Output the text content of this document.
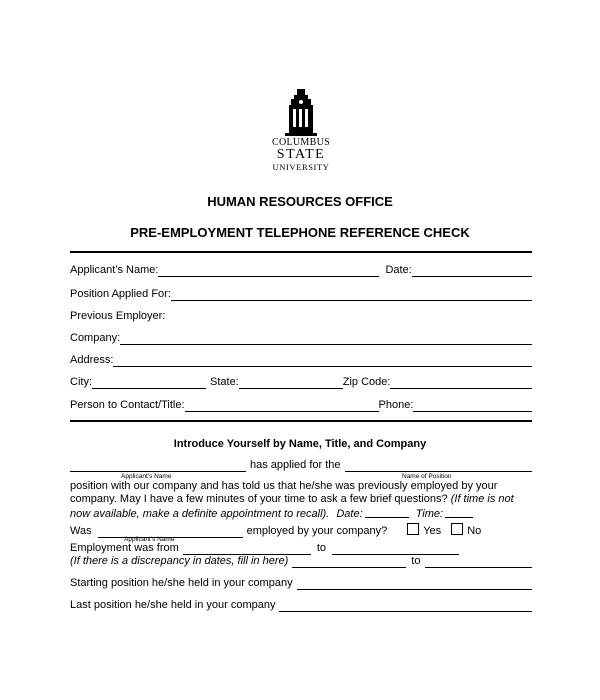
COLUMBUS
STATE
UNIVERSITY
HUMAN RESOURCES OFFICE
PRE-EMPLOYMENT TELEPHONE REFERENCE CHECK
Applicant’s Name:	Date:
Position Applied For:
Previous Employer:
Company:
Address:
City:	State:	Zip Code:
Person to Contact/Title:	Phone:
Introduce Yourself by Name, Title, and Company
has applied for the
Applicant’s Name	Name of Position
position with our company and has told us that he/she was previously employed by your company. May I have a few minutes of your time to ask a few brief questions? (If time is not now available, make a definite appointment to recall). Date:	Time:
Was	employed by your company?	Yes	No
Applicant’s Name
Employment was from	to
(If there is a discrepancy in dates, fill in here)	to
Starting position he/she held in your company
Last position he/she held in your company
